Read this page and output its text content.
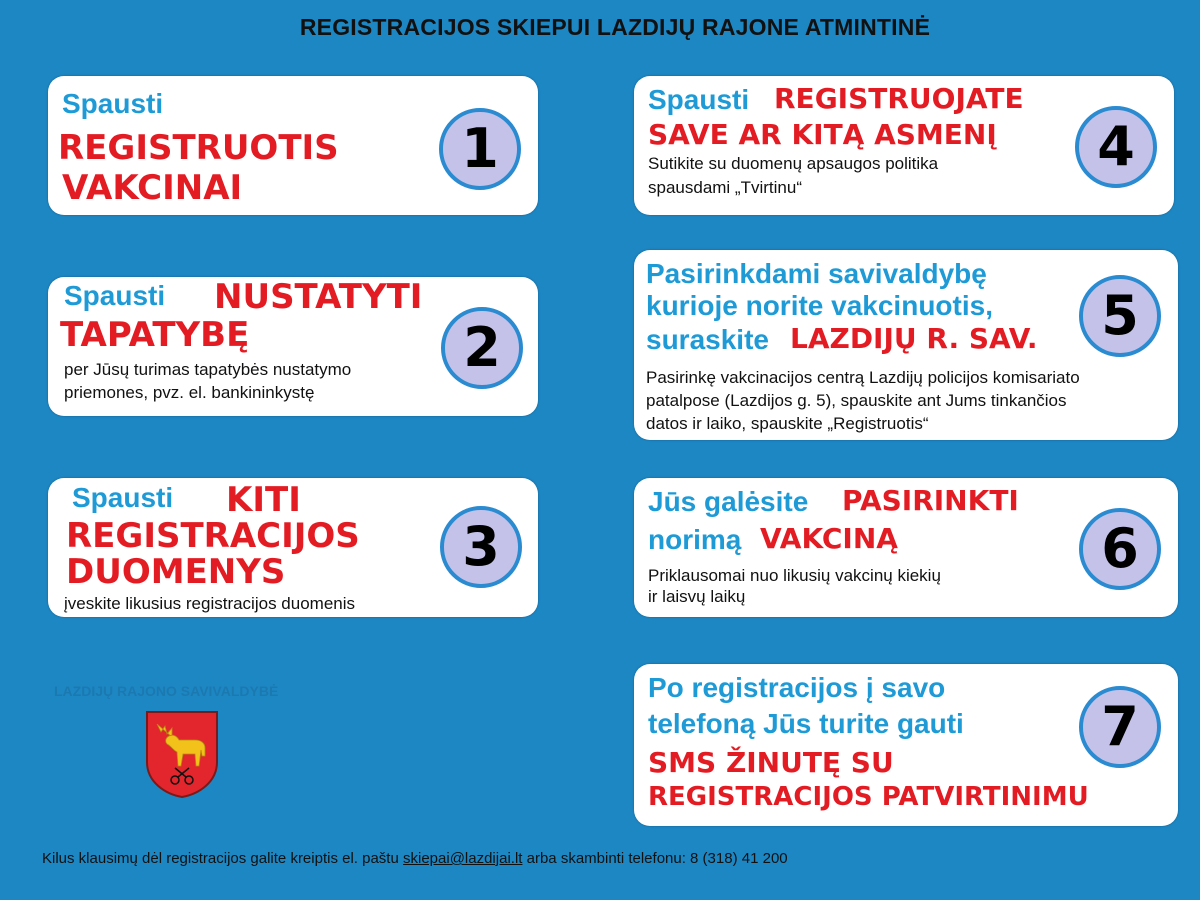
REGISTRACIJOS SKIEPUI LAZDIJŲ RAJONE ATMINTINĖ
Spausti
REGISTRUOTIS
VAKCINAI
1
Spausti NUSTATYTI
TAPATYBĘ
per Jūsų turimas tapatybės nustatymo
priemones, pvz. el. bankininkystę
2
Spausti KITI
REGISTRACIJOS
DUOMENYS
įveskite likusius registracijos duomenis
3
Spausti REGISTRUOJATE
SAVE AR KITĄ ASMENĮ
Sutikite su duomenų apsaugos politika
spausdami „Tvirtinu“
4
Pasirinkdami savivaldybę
kurioje norite vakcinuotis,
suraskite LAZDIJŲ R. SAV.
Pasirinkę vakcinacijos centrą Lazdijų policijos komisariato
patalpose (Lazdijos g. 5), spauskite ant Jums tinkančios
datos ir laiko, spauskite „Registruotis“
5
Jūs galėsite PASIRINKTI
norimą VAKCINĄ
Priklausomai nuo likusių vakcinų kiekių
ir laisvų laikų
6
Po registracijos į savo
telefoną Jūs turite gauti
SMS ŽINUTĘ SU
REGISTRACIJOS PATVIRTINIMU
7
LAZDIJŲ RAJONO SAVIVALDYBĖ
Kilus klausimų dėl registracijos galite kreiptis el. paštu skiepai@lazdijai.lt arba skambinti telefonu: 8 (318) 41 200
